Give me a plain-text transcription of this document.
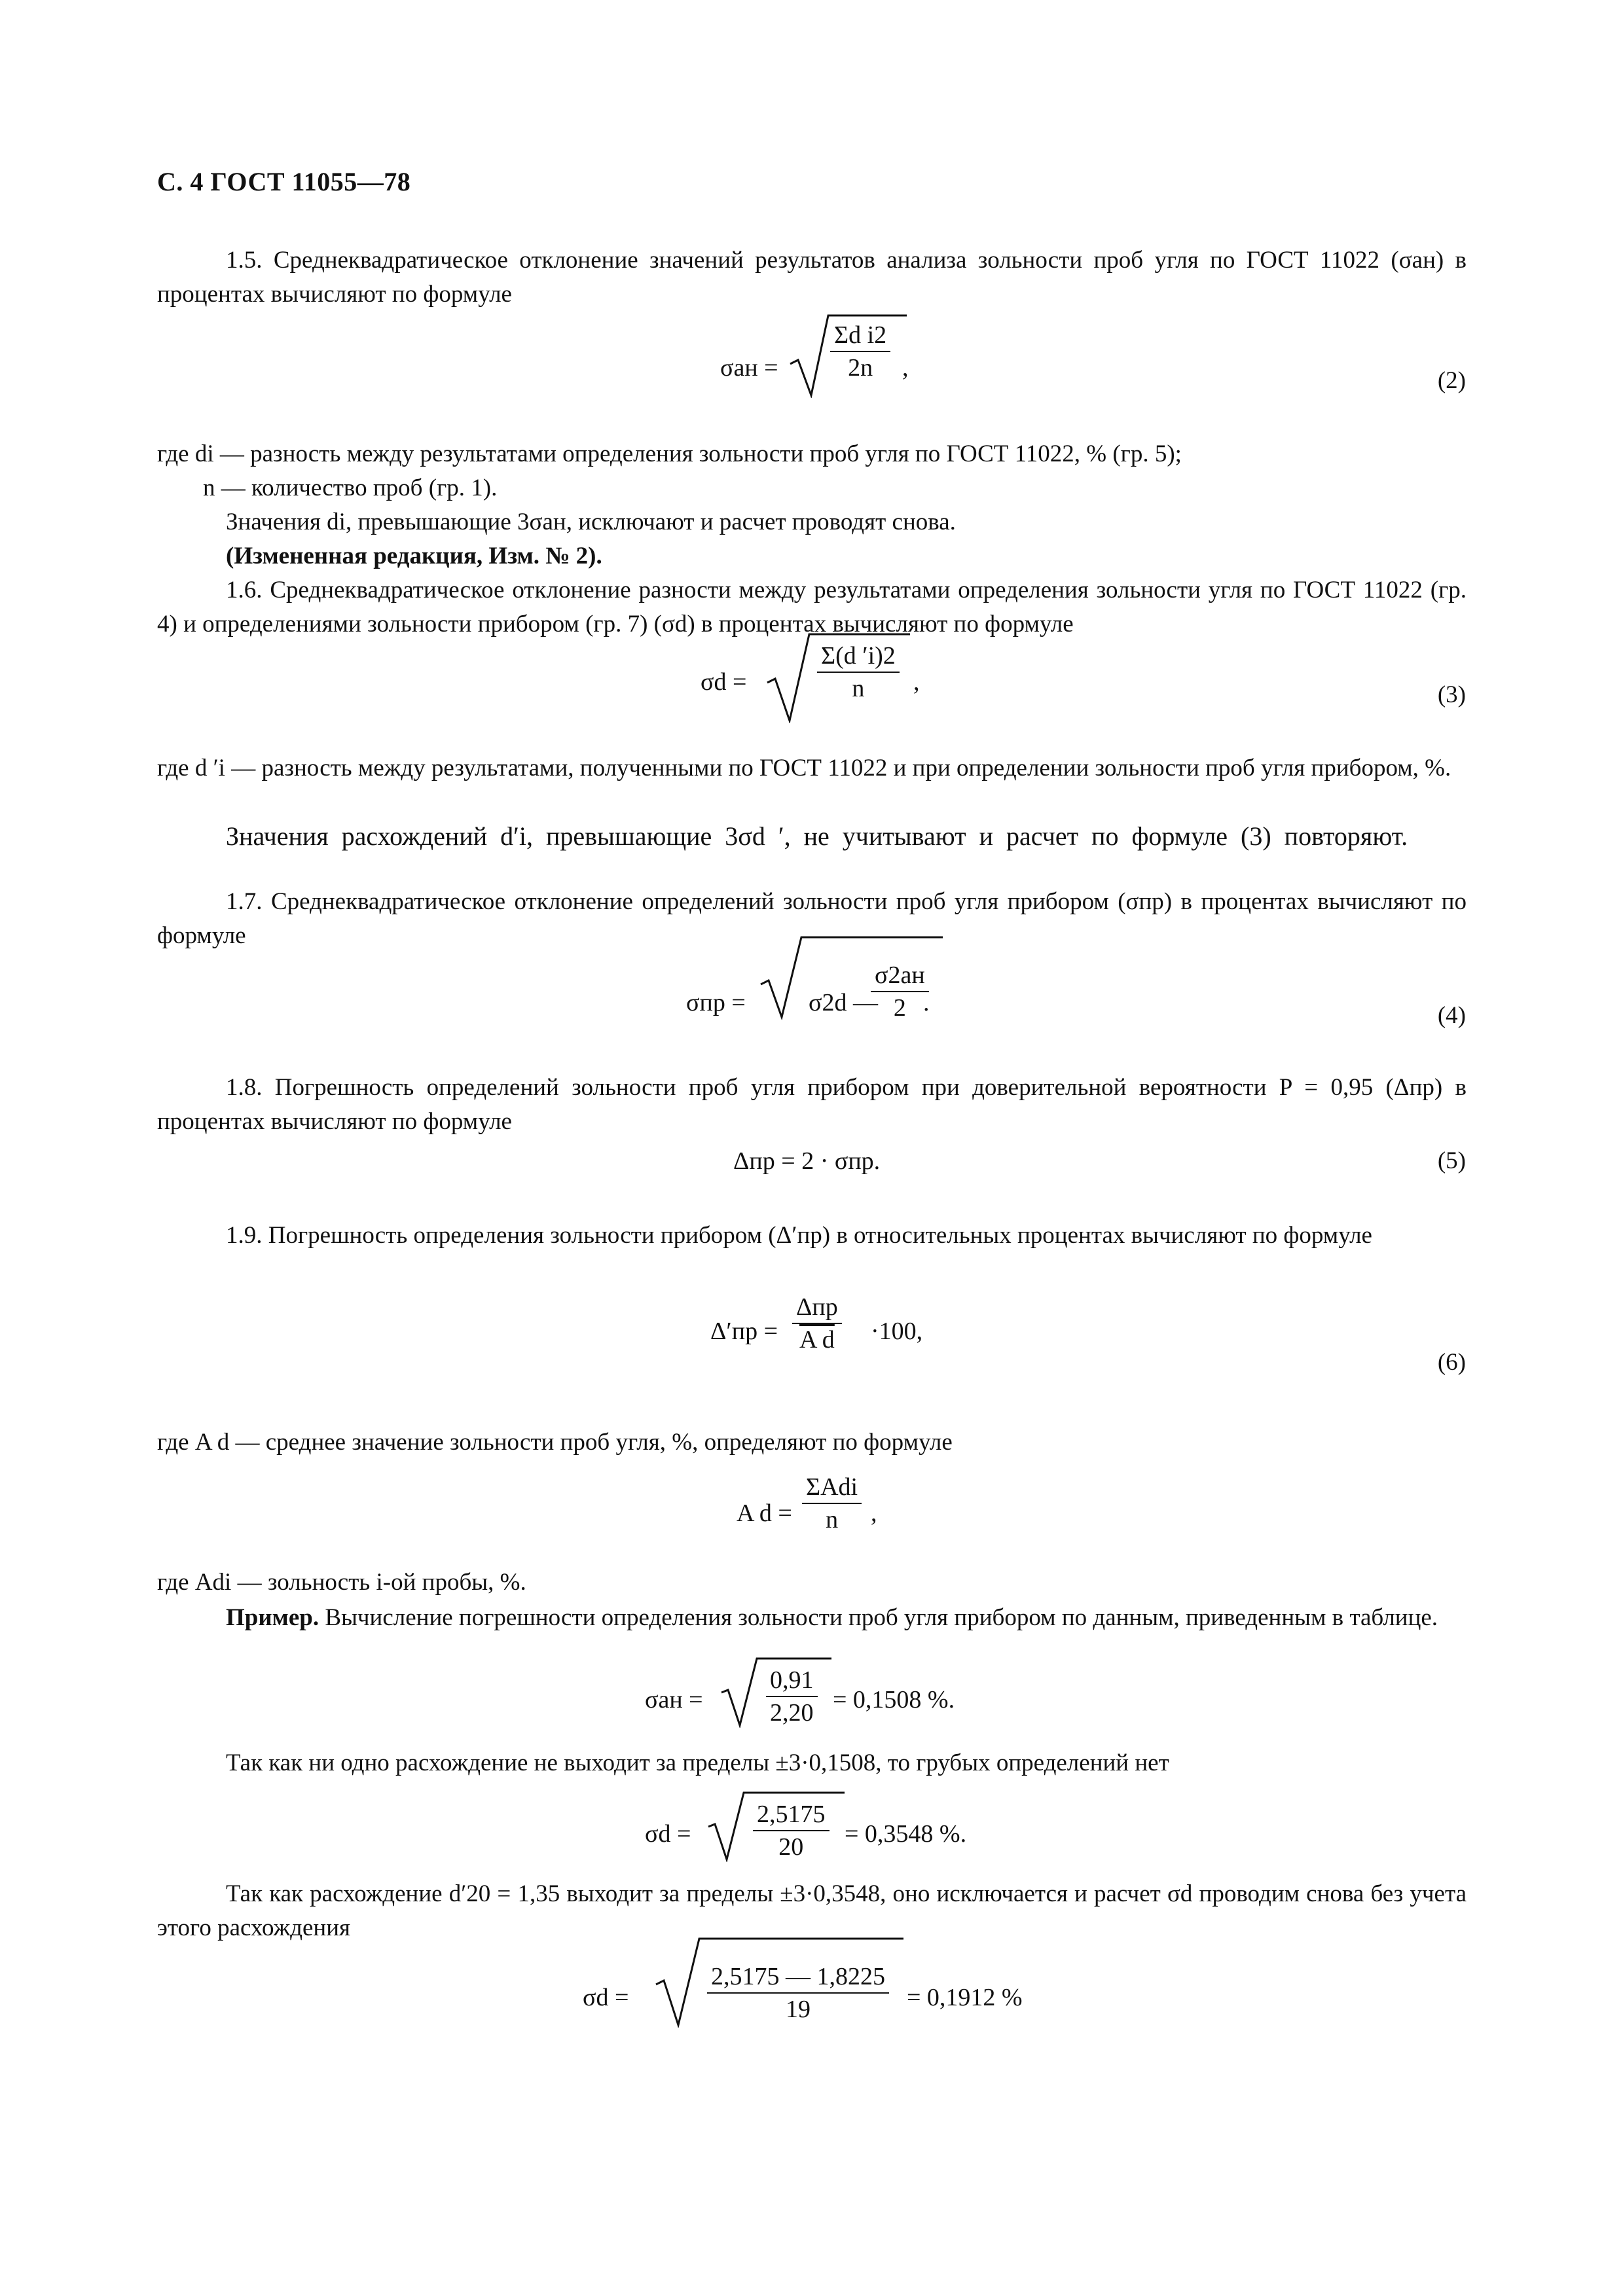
С. 4 ГОСТ 11055—78
1.5. Среднеквадратическое отклонение значений результатов анализа зольности проб угля по ГОСТ 11022 (σан) в процентах вычисляют по формуле
$\sigma ан = \frac{\text{Σd i2}}{2n}$ ,	(2)
где di — разность между результатами определения зольности проб угля по ГОСТ 11022, % (гр. 5);
n — количество проб (гр. 1).
Значения di, превышающие 3σан, исключают и расчет проводят снова.
(Измененная редакция, Изм. № 2).
1.6. Среднеквадратическое отклонение разности между результатами определения зольности угля по ГОСТ 11022 (гр. 4) и определениями зольности прибором (гр. 7) (σd) в процентах вычисляют по формуле
σd =	$\frac{\Sigma(d 'i)2}{n}$ ,	(3)
где d ′i — разность между результатами, полученными по ГОСТ 11022 и при определении зольности проб угля прибором, %.
Значения расхождений d′i, превышающие 3σd ′, не учитывают и расчет по формуле (3) повторяют.
1.7. Среднеквадратическое отклонение определений зольности проб угля прибором (σпр) в процентах вычисляют по формуле
σпр =	σ2d —
σ2ан
2 .	(4)
1.8. Погрешность определений зольности проб угля прибором при доверительной вероятности P = 0,95 (Δпр) в процентах вычисляют по формуле
Δпр = 2 · σпр.	(5)
1.9. Погрешность определения зольности прибором (Δ′пр) в относительных процентах вычисляют по формуле
Δ′пр =
Δпр
A d ·100,
(6)
где A d — среднее значение зольности проб угля, %, определяют по формуле
A d =
ΣAdi
n ,
где Adi — зольность i-ой пробы, %.
Пример. Вычисление погрешности определения зольности проб угля прибором по данным, приведенным в таблице.
σан =	$\frac{0,91}{2,20} = 0,1508$ %.
Так как ни одно расхождение не выходит за пределы ±3·0,1508, то грубых определений нет
$\sigma d = \frac{2,5175}{20} = 0,3548$ %.
Так как расхождение d′20 = 1,35 выходит за пределы ±3·0,3548, оно исключается и расчет σd проводим снова без учета этого расхождения
σd =	$\frac{2,5175 — 1,8225}{19} = 0,1912$ %
